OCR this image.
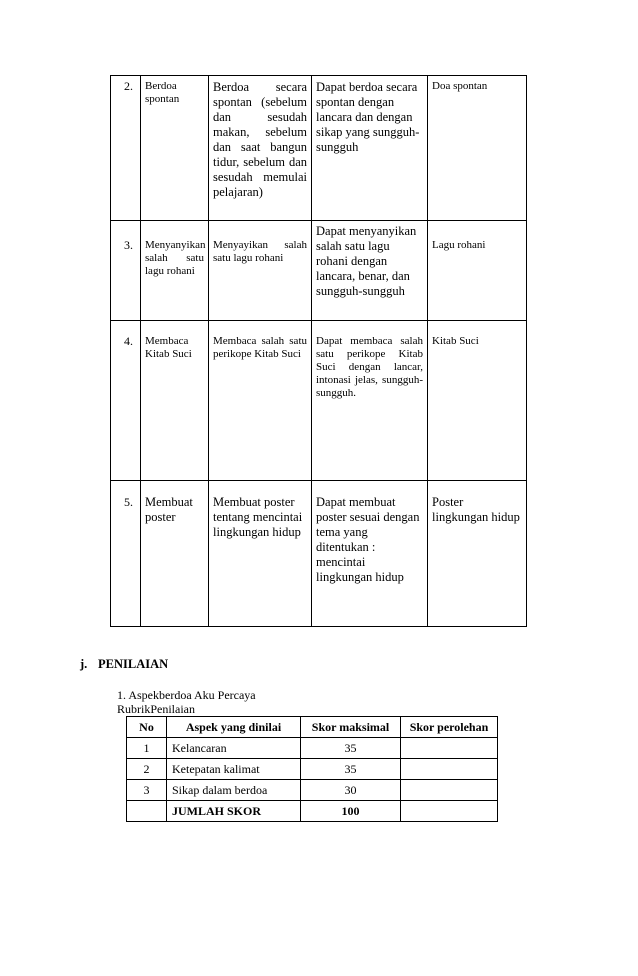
2.	Berdoa spontan	Berdoa secara spontan (sebelum dan sesudah makan, sebelum dan saat bangun tidur, sebelum dan sesudah memulai pelajaran)	Dapat berdoa secara spontan dengan lancara dan dengan sikap yang sungguh-sungguh	Doa spontan
3.	Menyanyikan salah satu lagu rohani	Menyayikan salah satu lagu rohani	Dapat menyanyikan salah satu lagu rohani dengan lancara, benar, dan sungguh-sungguh	Lagu rohani
4.	Membaca Kitab Suci	Membaca salah satu perikope Kitab Suci	Dapat membaca salah satu perikope Kitab Suci dengan lancar, intonasi jelas, sungguh-sungguh.	Kitab Suci
5.	Membuat poster	Membuat poster tentang mencintai lingkungan hidup	Dapat membuat poster sesuai dengan tema yang ditentukan : mencintai lingkungan hidup	Poster lingkungan hidup
j. PENILAIAN
1. Aspekberdoa Aku Percaya
RubrikPenilaian
No	Aspek yang dinilai	Skor maksimal	Skor perolehan
1	Kelancaran	35	
2	Ketepatan kalimat	35	
3	Sikap dalam berdoa	30	
	JUMLAH SKOR	100	
